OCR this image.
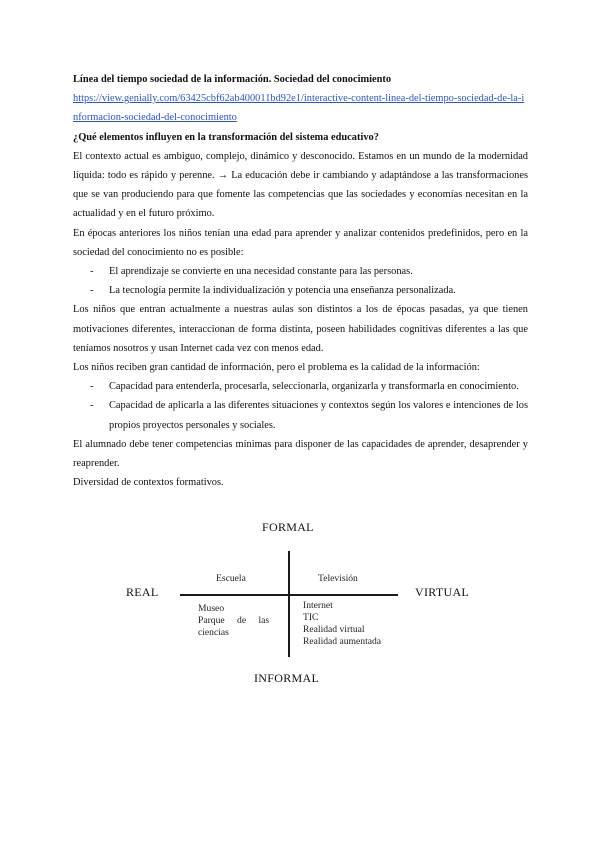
Línea del tiempo sociedad de la información. Sociedad del conocimiento

https://view.genially.com/63425cbf62ab400011bd92e1/interactive-content-linea-del-tiempo-sociedad-de-la-informacion-sociedad-del-conocimiento

¿Qué elementos influyen en la transformación del sistema educativo?

El contexto actual es ambiguo, complejo, dinámico y desconocido. Estamos en un mundo de la modernidad líquida: todo es rápido y perenne. → La educación debe ir cambiando y adaptándose a las transformaciones que se van produciendo para que fomente las competencias que las sociedades y economías necesitan en la actualidad y en el futuro próximo.

En épocas anteriores los niños tenían una edad para aprender y analizar contenidos predefinidos, pero en la sociedad del conocimiento no es posible:

- El aprendizaje se convierte en una necesidad constante para las personas.
- La tecnología permite la individualización y potencia una enseñanza personalizada.

Los niños que entran actualmente a nuestras aulas son distintos a los de épocas pasadas, ya que tienen motivaciones diferentes, interaccionan de forma distinta, poseen habilidades cognitivas diferentes a las que teníamos nosotros y usan Internet cada vez con menos edad.

Los niños reciben gran cantidad de información, pero el problema es la calidad de la información:

- Capacidad para entenderla, procesarla, seleccionarla, organizarla y transformarla en conocimiento.
- Capacidad de aplicarla a las diferentes situaciones y contextos según los valores e intenciones de los propios proyectos personales y sociales.

El alumnado debe tener competencias mínimas para disponer de las capacidades de aprender, desaprender y reaprender.

Diversidad de contextos formativos.

FORMAL
INFORMAL
REAL	VIRTUAL
Escuela	Televisión
Museo
Parque de las
ciencias
Internet
TIC
Realidad virtual
Realidad aumentada
